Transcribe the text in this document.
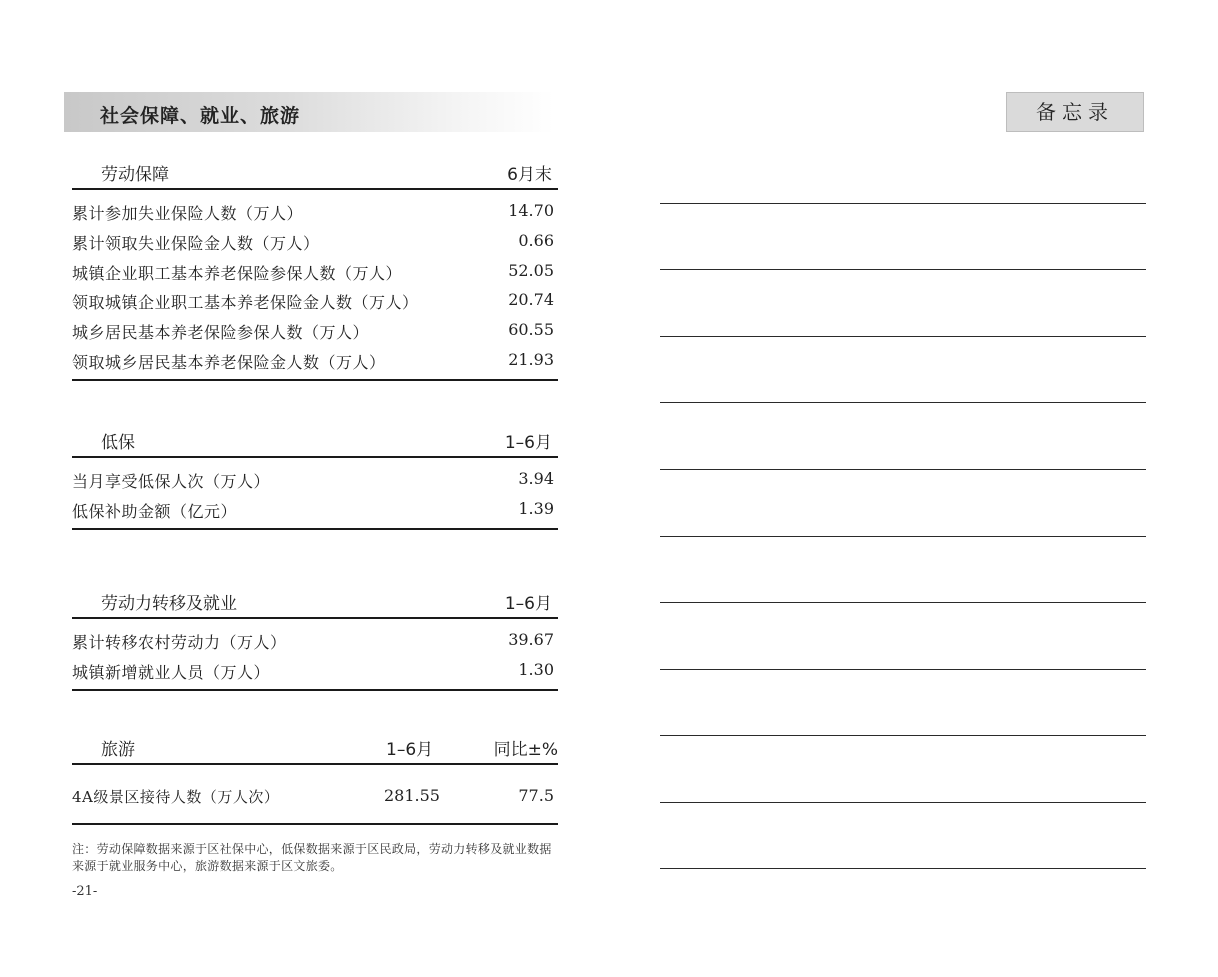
社会保障、就业、旅游	备忘录
劳动保障	6月末
累计参加失业保险人数（万人）	14.70
累计领取失业保险金人数（万人）	0.66
城镇企业职工基本养老保险参保人数（万人）	52.05
领取城镇企业职工基本养老保险金人数（万人）	20.74
城乡居民基本养老保险参保人数（万人）	60.55
领取城乡居民基本养老保险金人数（万人）	21.93
低保	1–6月
当月享受低保人次（万人）	3.94
低保补助金额（亿元）	1.39
劳动力转移及就业	1–6月
累计转移农村劳动力（万人）	39.67
城镇新增就业人员（万人）	1.30
旅游	1–6月	同比±%
4A级景区接待人数（万人次）	281.55	77.5
注：劳动保障数据来源于区社保中心，低保数据来源于区民政局，劳动力转移及就业数据来源于就业服务中心，旅游数据来源于区文旅委。
-21-
